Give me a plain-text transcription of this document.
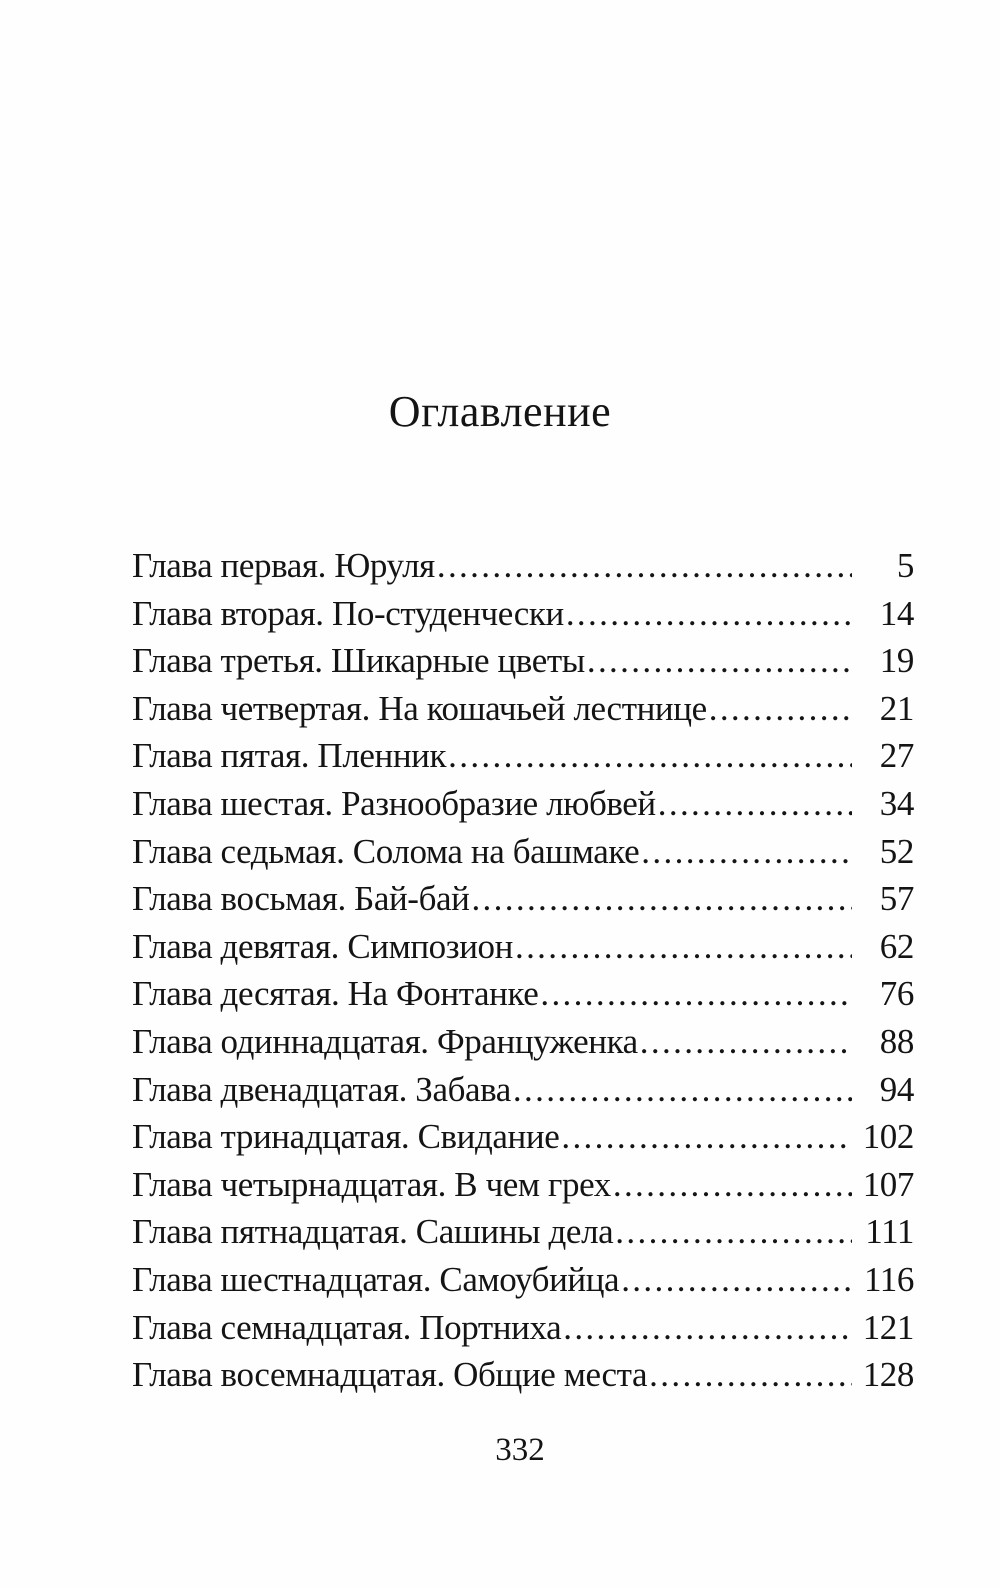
Оглавление
Глава первая. Юруля . . .	5
Глава вторая. По-студенчески . . .	14
Глава третья. Шикарные цветы . . .	19
Глава четвертая. На кошачьей лестнице . . .	21
Глава пятая. Пленник . . .	27
Глава шестая. Разнообразие любвей . . .	34
Глава седьмая. Солома на башмаке . . .	52
Глава восьмая. Бай-бай . . .	57
Глава девятая. Симпозион . . .	62
Глава десятая. На Фонтанке . . .	76
Глава одиннадцатая. Француженка . . .	88
Глава двенадцатая. Забава . . .	94
Глава тринадцатая. Свидание . . .	102
Глава четырнадцатая. В чем грех . . .	107
Глава пятнадцатая. Сашины дела . . .	111
Глава шестнадцатая. Самоубийца . . .	116
Глава семнадцатая. Портниха . . .	121
Глава восемнадцатая. Общие места . . .	128
332
